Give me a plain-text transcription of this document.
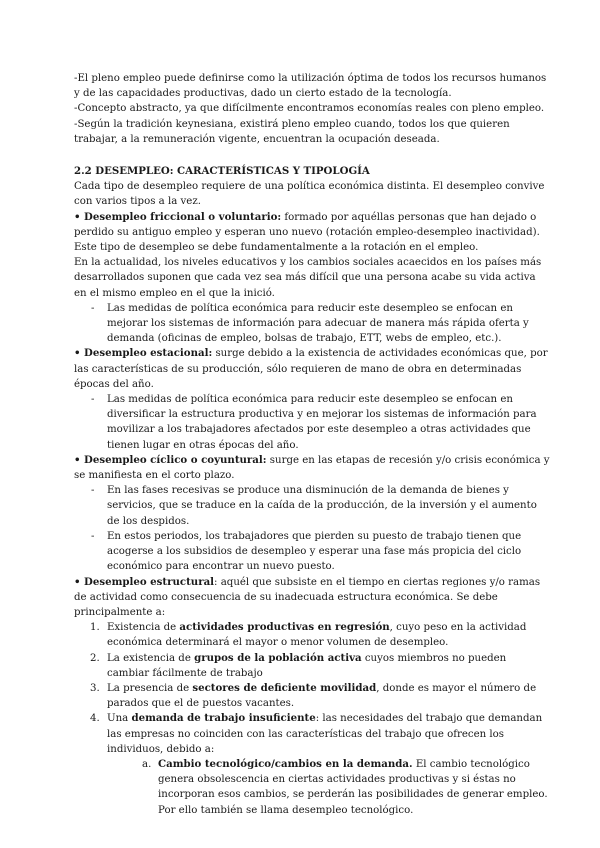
-El pleno empleo puede definirse como la utilización óptima de todos los recursos humanos y de las capacidades productivas, dado un cierto estado de la tecnología.

-Concepto abstracto, ya que difícilmente encontramos economías reales con pleno empleo.

-Según la tradición keynesiana, existirá pleno empleo cuando, todos los que quieren trabajar, a la remuneración vigente, encuentran la ocupación deseada.

2.2 DESEMPLEO: CARACTERÍSTICAS Y TIPOLOGÍA

Cada tipo de desempleo requiere de una política económica distinta. El desempleo convive con varios tipos a la vez.

• Desempleo friccional o voluntario: formado por aquéllas personas que han dejado o perdido su antiguo empleo y esperan uno nuevo (rotación empleo-desempleo inactividad). Este tipo de desempleo se debe fundamentalmente a la rotación en el empleo.

En la actualidad, los niveles educativos y los cambios sociales acaecidos en los países más desarrollados suponen que cada vez sea más difícil que una persona acabe su vida activa en el mismo empleo en el que la inició.

- Las medidas de política económica para reducir este desempleo se enfocan en mejorar los sistemas de información para adecuar de manera más rápida oferta y demanda (oficinas de empleo, bolsas de trabajo, ETT, webs de empleo, etc.).

• Desempleo estacional: surge debido a la existencia de actividades económicas que, por las características de su producción, sólo requieren de mano de obra en determinadas épocas del año.

- Las medidas de política económica para reducir este desempleo se enfocan en diversificar la estructura productiva y en mejorar los sistemas de información para movilizar a los trabajadores afectados por este desempleo a otras actividades que tienen lugar en otras épocas del año.

• Desempleo cíclico o coyuntural: surge en las etapas de recesión y/o crisis económica y se manifiesta en el corto plazo.

- En las fases recesivas se produce una disminución de la demanda de bienes y servicios, que se traduce en la caída de la producción, de la inversión y el aumento de los despidos.
- En estos periodos, los trabajadores que pierden su puesto de trabajo tienen que acogerse a los subsidios de desempleo y esperar una fase más propicia del ciclo económico para encontrar un nuevo puesto.

• Desempleo estructural: aquél que subsiste en el tiempo en ciertas regiones y/o ramas de actividad como consecuencia de su inadecuada estructura económica. Se debe principalmente a:

1. Existencia de actividades productivas en regresión, cuyo peso en la actividad económica determinará el mayor o menor volumen de desempleo.
2. La existencia de grupos de la población activa cuyos miembros no pueden cambiar fácilmente de trabajo
3. La presencia de sectores de deficiente movilidad, donde es mayor el número de parados que el de puestos vacantes.
4. Una demanda de trabajo insuficiente: las necesidades del trabajo que demandan las empresas no coinciden con las características del trabajo que ofrecen los individuos, debido a:
a. Cambio tecnológico/cambios en la demanda. El cambio tecnológico genera obsolescencia en ciertas actividades productivas y si éstas no incorporan esos cambios, se perderán las posibilidades de generar empleo. Por ello también se llama desempleo tecnológico.
